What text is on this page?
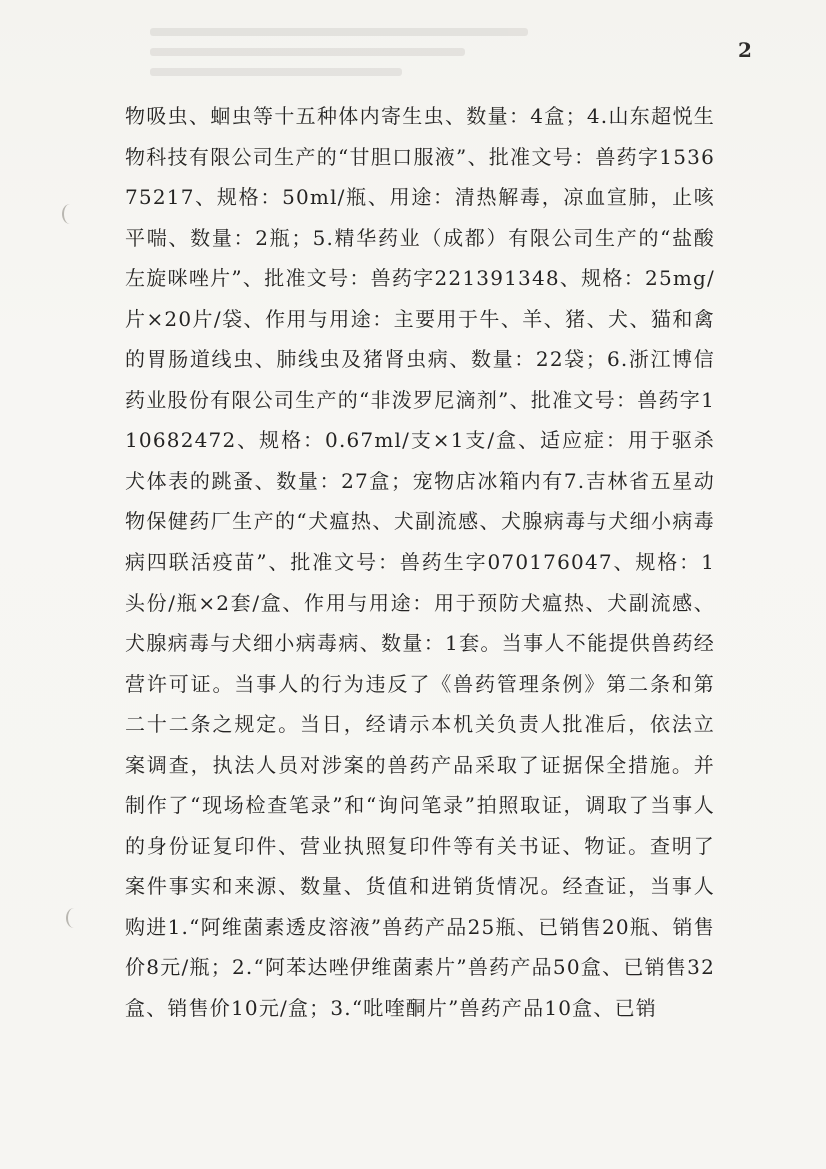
2

物吸虫、蛔虫等十五种体内寄生虫、数量：4盒；4.山东超悦生物科技有限公司生产的“甘胆口服液”、批准文号：兽药字153675217、规格：50ml/瓶、用途：清热解毒，凉血宣肺，止咳平喘、数量：2瓶；5.精华药业（成都）有限公司生产的“盐酸左旋咪唑片”、批准文号：兽药字221391348、规格：25mg/片×20片/袋、作用与用途：主要用于牛、羊、猪、犬、猫和禽的胃肠道线虫、肺线虫及猪肾虫病、数量：22袋；6.浙江博信药业股份有限公司生产的“非泼罗尼滴剂”、批准文号：兽药字110682472、规格：0.67ml/支×1支/盒、适应症：用于驱杀犬体表的跳蚤、数量：27盒；宠物店冰箱内有7.吉林省五星动物保健药厂生产的“犬瘟热、犬副流感、犬腺病毒与犬细小病毒病四联活疫苗”、批准文号：兽药生字070176047、规格：1头份/瓶×2套/盒、作用与用途：用于预防犬瘟热、犬副流感、犬腺病毒与犬细小病毒病、数量：1套。当事人不能提供兽药经营许可证。当事人的行为违反了《兽药管理条例》第二条和第二十二条之规定。当日，经请示本机关负责人批准后，依法立案调查，执法人员对涉案的兽药产品采取了证据保全措施。并制作了“现场检查笔录”和“询问笔录”拍照取证，调取了当事人的身份证复印件、营业执照复印件等有关书证、物证。查明了案件事实和来源、数量、货值和进销货情况。经查证，当事人购进1.“阿维菌素透皮溶液”兽药产品25瓶、已销售20瓶、销售价8元/瓶；2.“阿苯达唑伊维菌素片”兽药产品50盒、已销售32盒、销售价10元/盒；3.“吡喹酮片”兽药产品10盒、已销
